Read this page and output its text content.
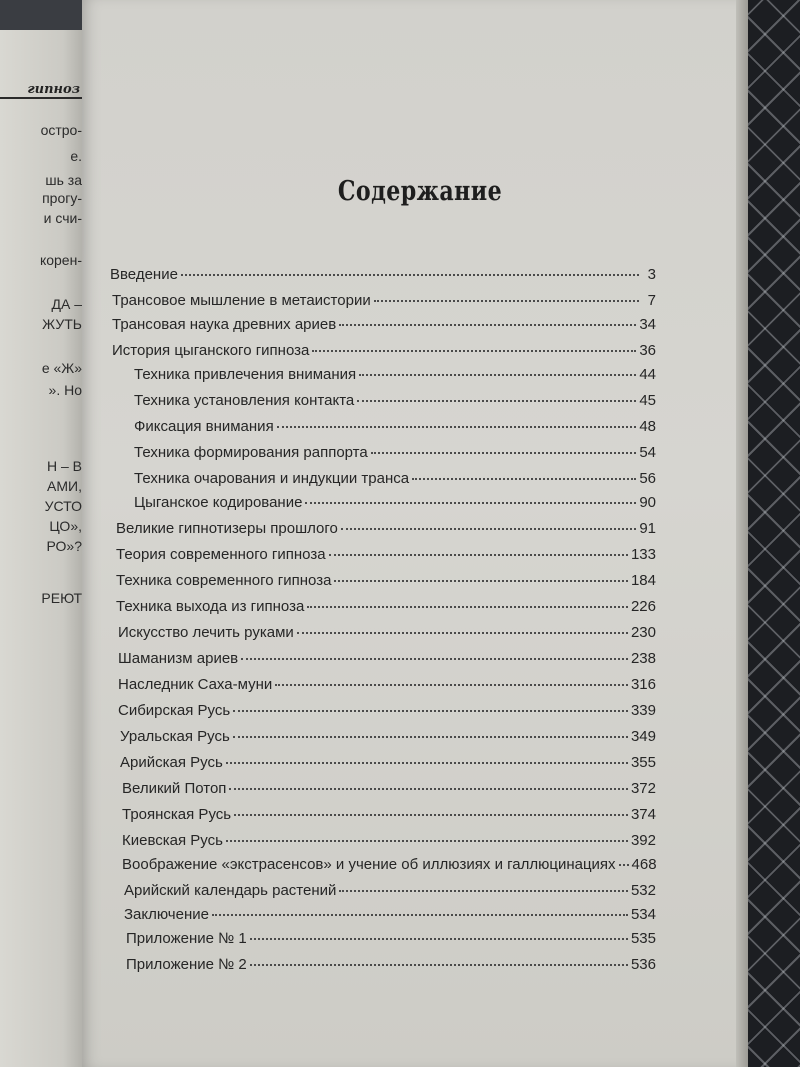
гипноз
остро-
е.
шь за
прогу-
и счи-
корен-
ДА –
ЖУТЬ
е «Ж»
». Но
Н – В
АМИ,
УСТО
ЦО»,
РО»?
РЕЮТ
Содержание
Введение	3
Трансовое мышление в метаистории	7
Трансовая наука древних ариев	34
История цыганского гипноза	36
Техника привлечения внимания	44
Техника установления контакта	45
Фиксация внимания	48
Техника формирования раппорта	54
Техника очарования и индукции транса	56
Цыганское кодирование	90
Великие гипнотизеры прошлого	91
Теория современного гипноза	133
Техника современного гипноза	184
Техника выхода из гипноза	226
Искусство лечить руками	230
Шаманизм ариев	238
Наследник Саха-муни	316
Сибирская Русь	339
Уральская Русь	349
Арийская Русь	355
Великий Потоп	372
Троянская Русь	374
Киевская Русь	392
Воображение «экстрасенсов» и учение об иллюзиях и галлюцинациях 468
Арийский календарь растений	532
Заключение	534
Приложение № 1	535
Приложение № 2	536
